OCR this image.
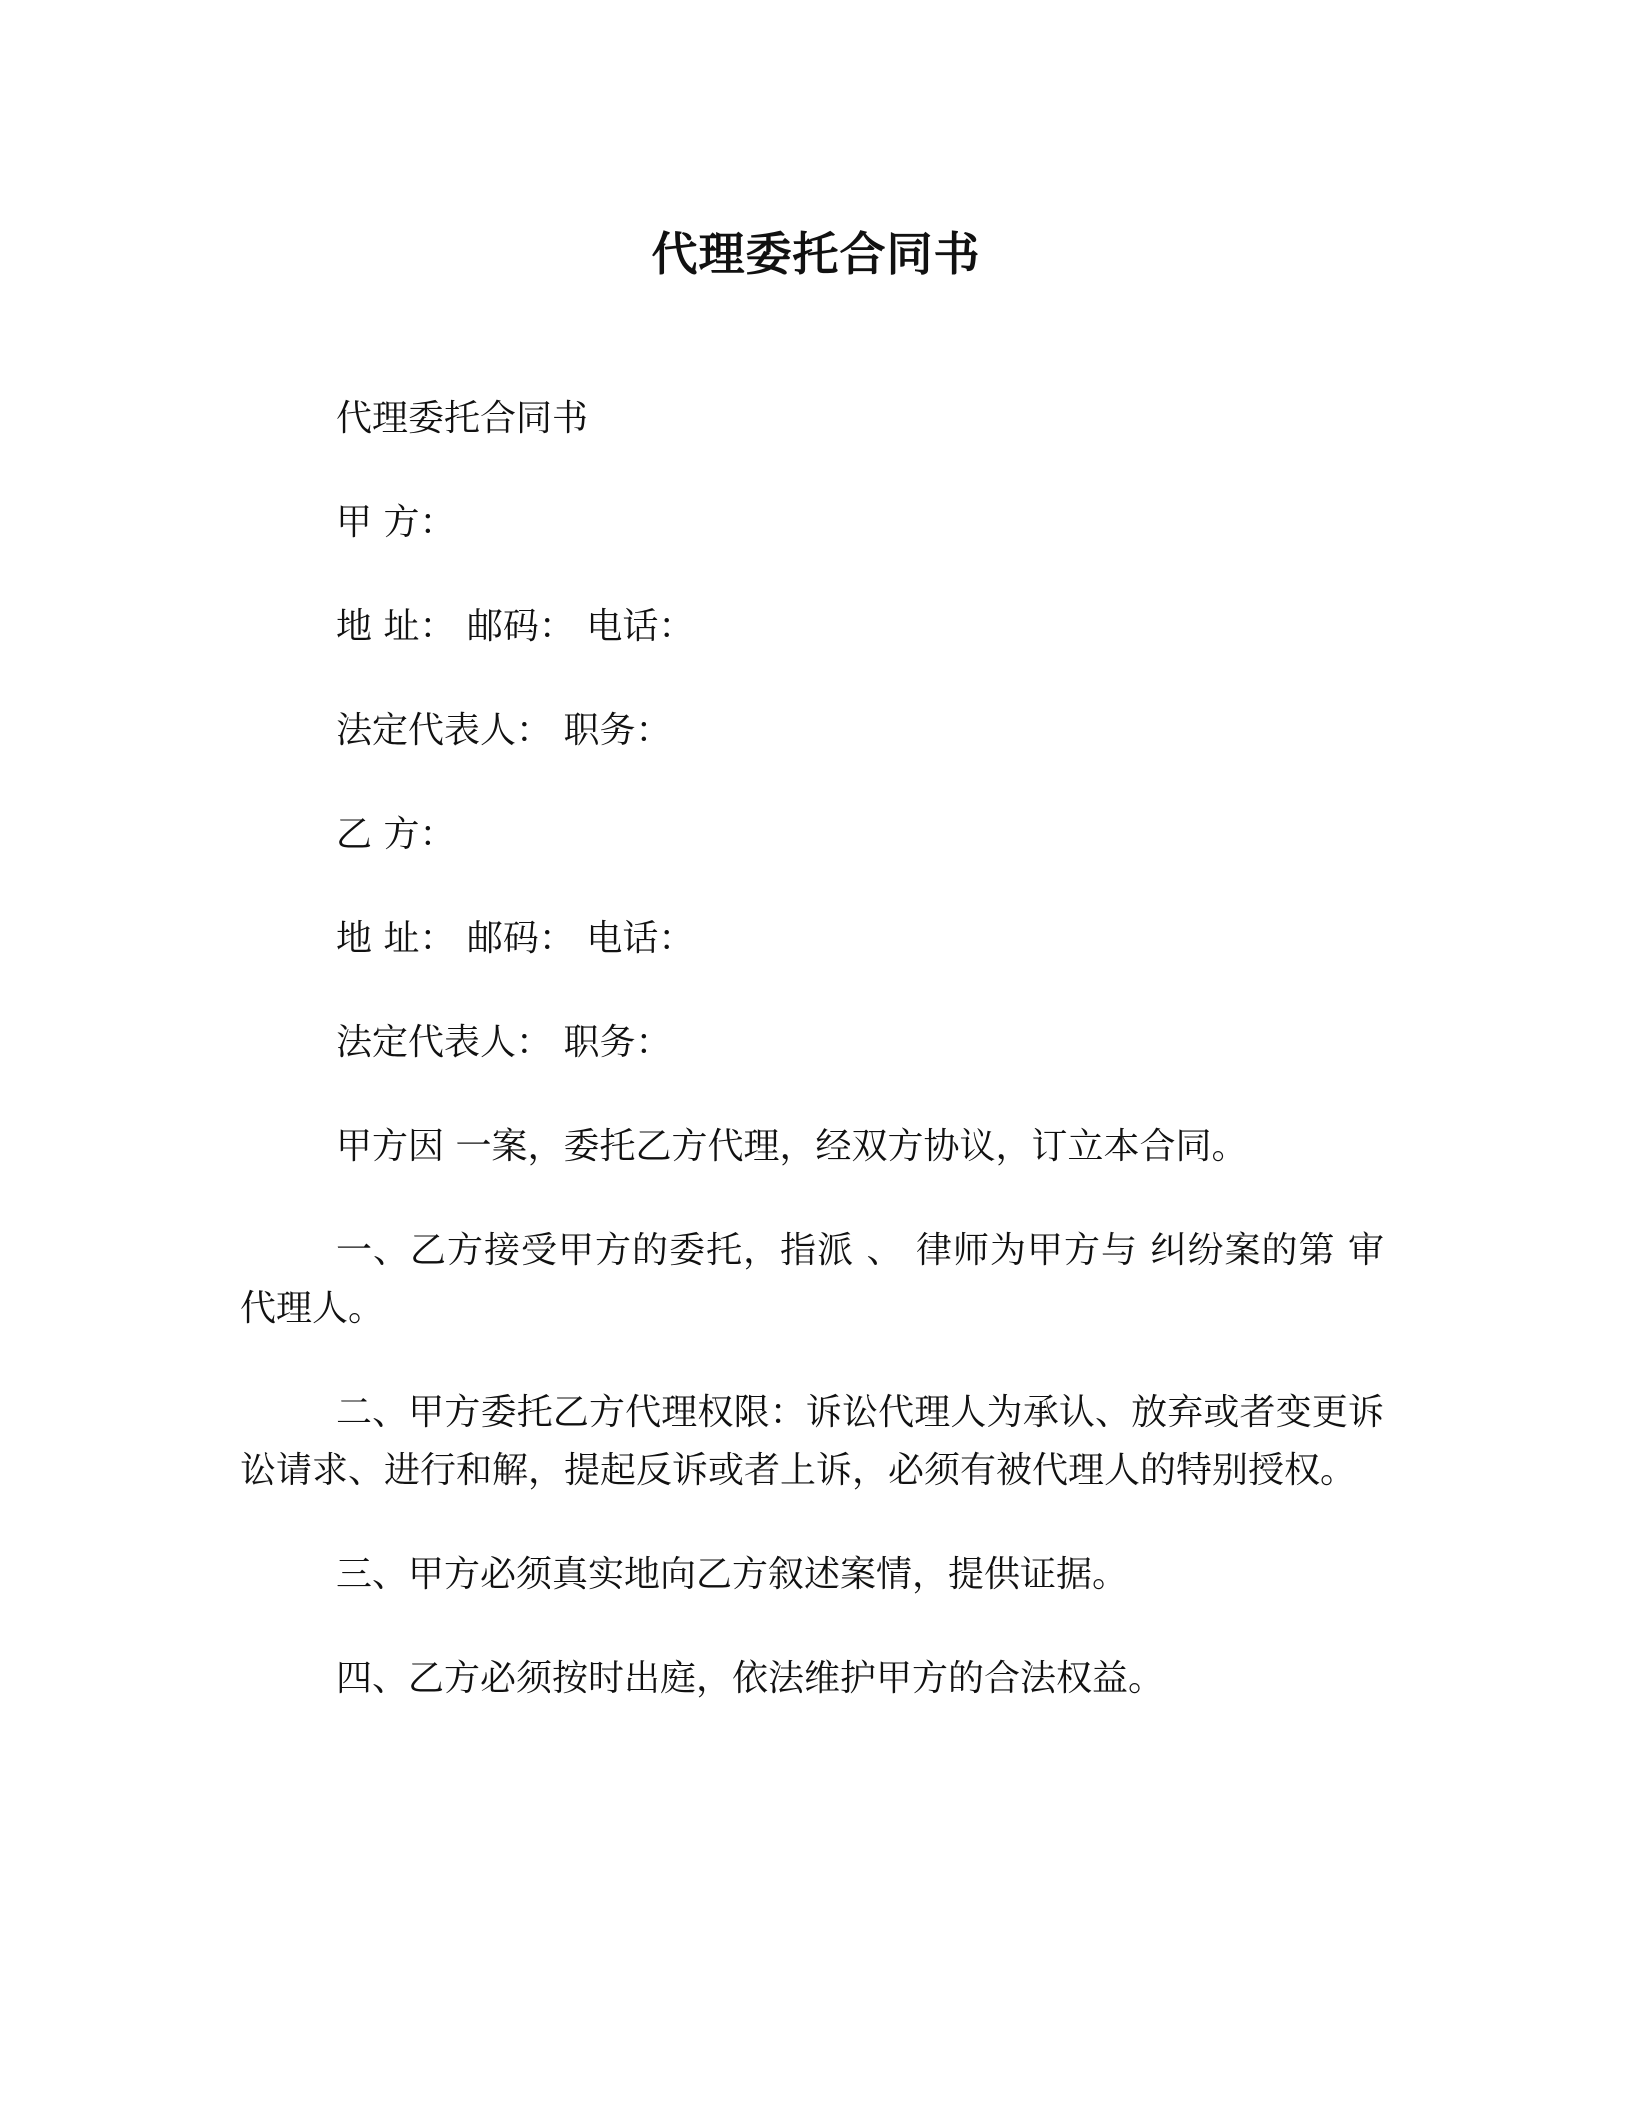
代理委托合同书

代理委托合同书

甲 方：

地 址： 邮码： 电话：

法定代表人： 职务：

乙 方：

地 址： 邮码： 电话：

法定代表人： 职务：

甲方因 一案，委托乙方代理，经双方协议，订立本合同。

一、乙方接受甲方的委托，指派 、 律师为甲方与 纠纷案的第 审代理人。

二、甲方委托乙方代理权限：诉讼代理人为承认、放弃或者变更诉讼请求、进行和解，提起反诉或者上诉，必须有被代理人的特别授权。

三、甲方必须真实地向乙方叙述案情，提供证据。

四、乙方必须按时出庭，依法维护甲方的合法权益。
